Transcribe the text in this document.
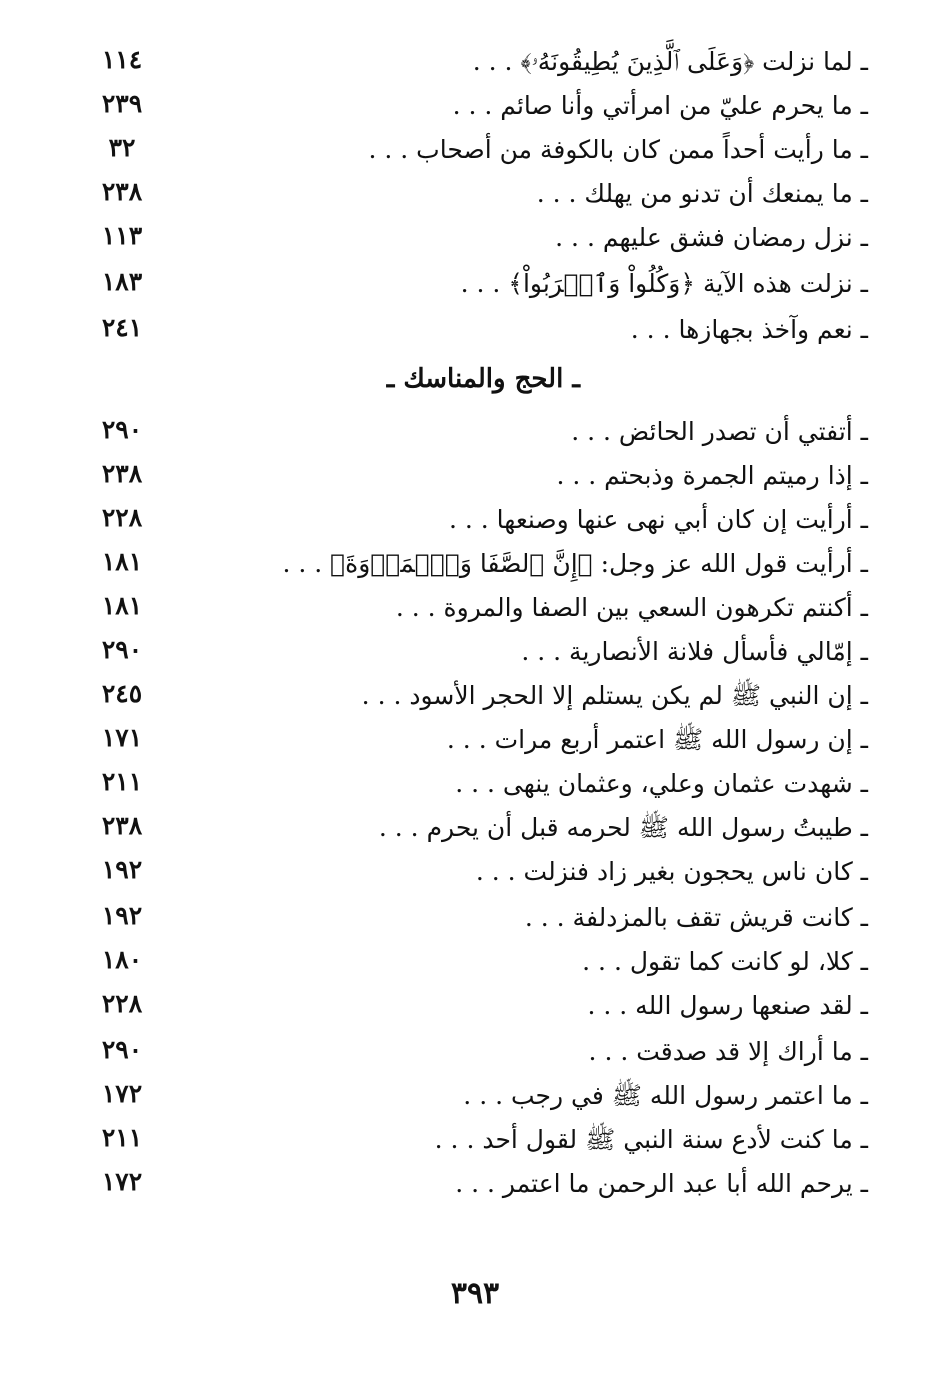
ـ لما نزلت ﴿وَعَلَى ٱلَّذِينَ يُطِيقُونَهُۥ﴾ . . .
١١٤
ـ ما يحرم عليّ من امرأتي وأنا صائم . . .
٢٣٩
ـ ما رأيت أحداً ممن كان بالكوفة من أصحاب . . .
٣٢
ـ ما يمنعك أن تدنو من يهلك . . .
٢٣٨
ـ نزل رمضان فشق عليهم . . .
١١٣
ـ نزلت هذه الآية ﴿وَكُلُواْ وَٱشۡرَبُواْ﴾ . . .
١٨٣
ـ نعم وآخذ بجهازها . . .
٢٤١
ـ الحج والمناسك ـ
ـ أتفتي أن تصدر الحائض . . .
٢٩٠
ـ إذا رميتم الجمرة وذبحتم . . .
٢٣٨
ـ أرأيت إن كان أبي نهى عنها وصنعها . . .
٢٢٨
ـ أرأيت قول الله عز وجل: ﴿إِنَّ ٱلصَّفَا وَٱلۡمَرۡوَةَ﴾ . . .
١٨١
ـ أكنتم تكرهون السعي بين الصفا والمروة . . .
١٨١
ـ إمّالي فأسأل فلانة الأنصارية . . .
٢٩٠
ـ إن النبي ﷺ لم يكن يستلم إلا الحجر الأسود . . .
٢٤٥
ـ إن رسول الله ﷺ اعتمر أربع مرات . . .
١٧١
ـ شهدت عثمان وعلي، وعثمان ينهى . . .
٢١١
ـ طيبتُ رسول الله ﷺ لحرمه قبل أن يحرم . . .
٢٣٨
ـ كان ناس يحجون بغير زاد فنزلت . . .
١٩٢
ـ كانت قريش تقف بالمزدلفة . . .
١٩٢
ـ كلا، لو كانت كما تقول . . .
١٨٠
ـ لقد صنعها رسول الله . . .
٢٢٨
ـ ما أراك إلا قد صدقت . . .
٢٩٠
ـ ما اعتمر رسول الله ﷺ في رجب . . .
١٧٢
ـ ما كنت لأدع سنة النبي ﷺ لقول أحد . . .
٢١١
ـ يرحم الله أبا عبد الرحمن ما اعتمر . . .
١٧٢
٣٩٣
